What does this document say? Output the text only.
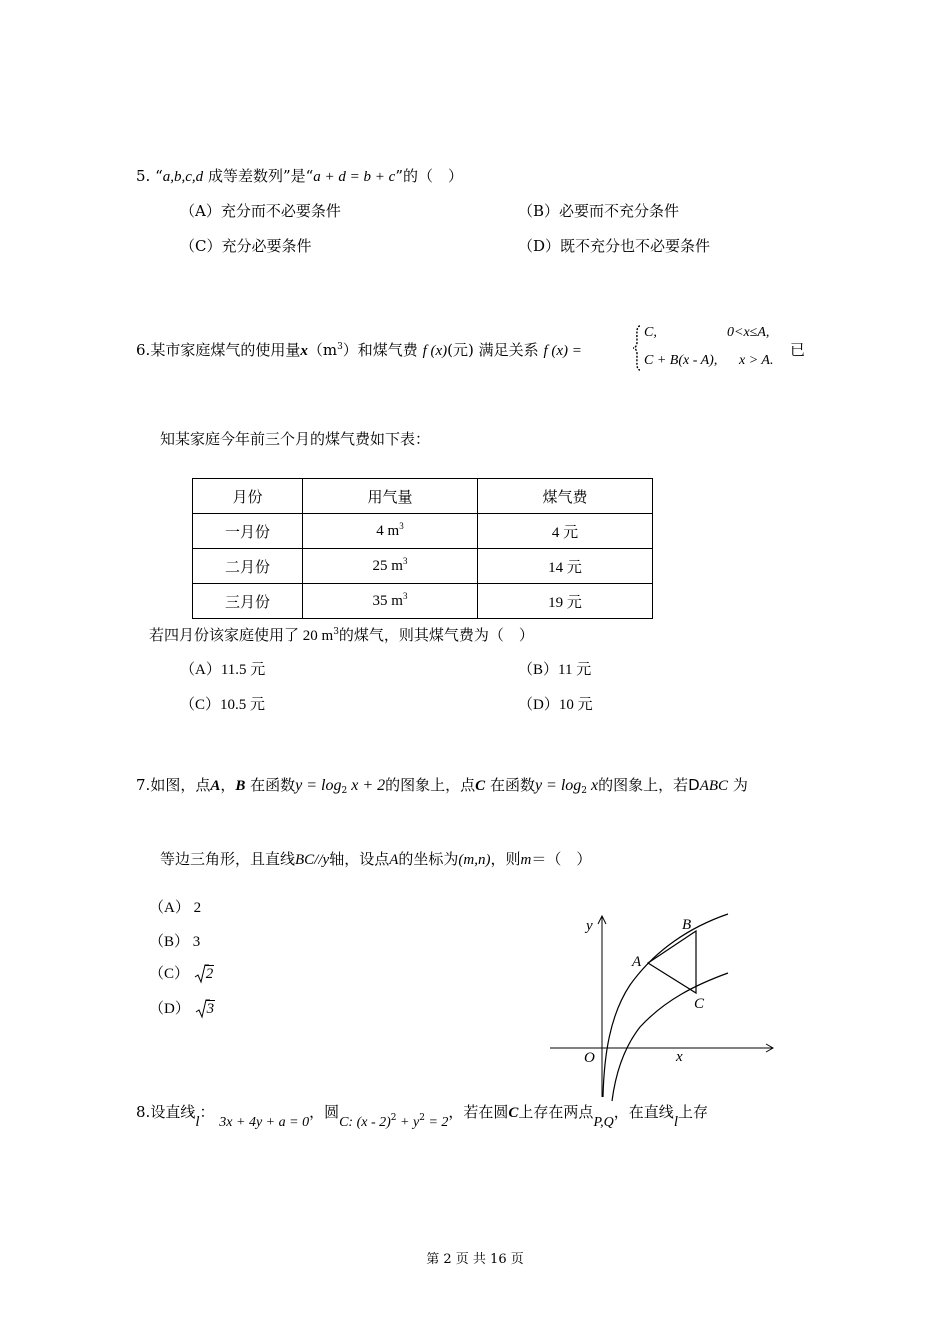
5. “a,b,c,d 成等差数列”是“a + d = b + c”的（　）
（A）充分而不必要条件	（B）必要而不充分条件
（C）充分必要条件	（D）既不充分也不必要条件
6.某市家庭煤气的使用量$x(m^3)$和煤气费 f (x)(元) 满足关系 f (x) =
C,	0<x≤A,
C + B(x - A), x > A.
已
知某家庭今年前三个月的煤气费如下表：
月份	用气量	煤气费
一月份	4 $m^3$	4 元
二月份	25 $m^3$	14 元
三月份	35 $m^3$	19 元
若四月份该家庭使用了 20 $m^3$的煤气，则其煤气费为（　）
（A）11.5 元	（B）11 元
（C）10.5 元	（D）10 元
7.如图，点A，B 在函数$y = \log_2 x + 2$的图象上，点C 在函数$y = \log_2 x$的图象上，若DABC 为
等边三角形，且直线BC//y轴，设点A的坐标为(m,n)，则m＝（　）
（A） 2
（B） 3
（C） 2
（D） 3
y
x
O
A
B
C
8.设直线l： 3x + 4y + a = 0，圆C: $(x - 2)^2 + y^2 = 2$，若在圆C上存在两点P,Q，在直线l上存
第 2 页 共 16 页
